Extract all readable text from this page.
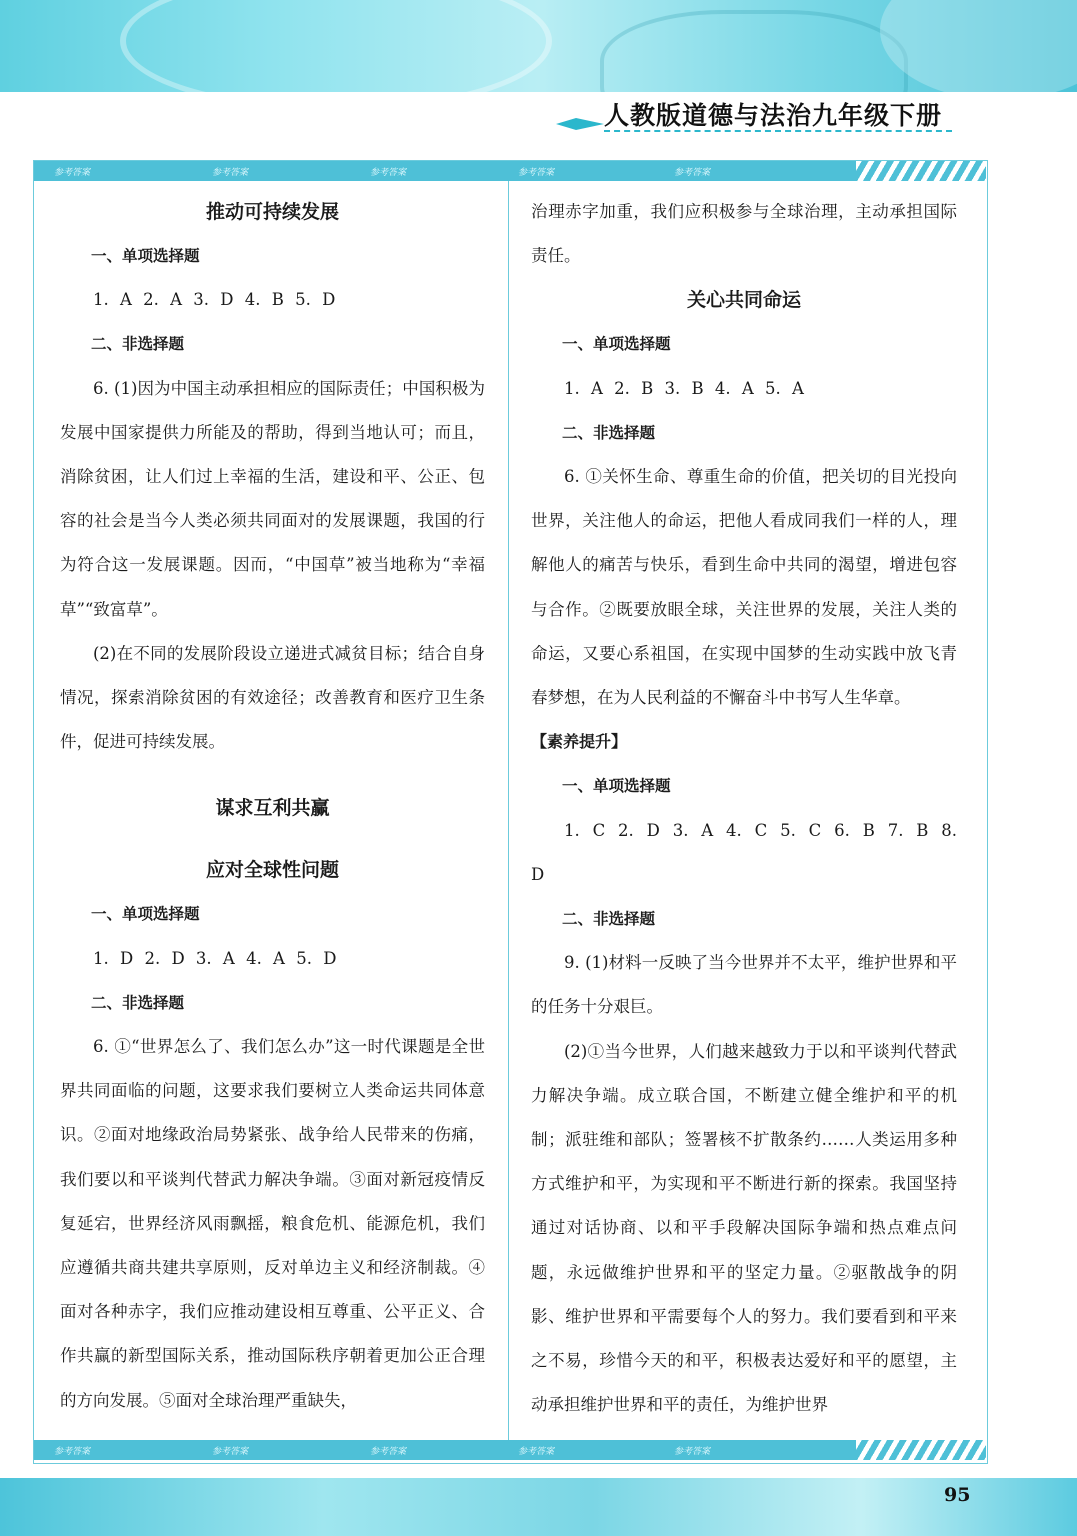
人教版道德与法治九年级下册
参考答案	参考答案	参考答案	参考答案	参考答案

推动可持续发展

一、单项选择题

1. A 2. A 3. D 4. B 5. D

二、非选择题

6. (1)因为中国主动承担相应的国际责任；中国积极为发展中国家提供力所能及的帮助，得到当地认可；而且，消除贫困，让人们过上幸福的生活，建设和平、公正、包容的社会是当今人类必须共同面对的发展课题，我国的行为符合这一发展课题。因而，“中国草”被当地称为“幸福草”“致富草”。

(2)在不同的发展阶段设立递进式减贫目标；结合自身情况，探索消除贫困的有效途径；改善教育和医疗卫生条件，促进可持续发展。

谋求互利共赢

应对全球性问题

一、单项选择题

1. D 2. D 3. A 4. A 5. D

二、非选择题

6. ①“世界怎么了、我们怎么办”这一时代课题是全世界共同面临的问题，这要求我们要树立人类命运共同体意识。②面对地缘政治局势紧张、战争给人民带来的伤痛，我们要以和平谈判代替武力解决争端。③面对新冠疫情反复延宕，世界经济风雨飘摇，粮食危机、能源危机，我们应遵循共商共建共享原则，反对单边主义和经济制裁。④面对各种赤字，我们应推动建设相互尊重、公平正义、合作共赢的新型国际关系，推动国际秩序朝着更加公正合理的方向发展。⑤面对全球治理严重缺失，

治理赤字加重，我们应积极参与全球治理，主动承担国际责任。

关心共同命运

一、单项选择题

1. A 2. B 3. B 4. A 5. A

二、非选择题

6. ①关怀生命、尊重生命的价值，把关切的目光投向世界，关注他人的命运，把他人看成同我们一样的人，理解他人的痛苦与快乐，看到生命中共同的渴望，增进包容与合作。②既要放眼全球，关注世界的发展，关注人类的命运，又要心系祖国，在实现中国梦的生动实践中放飞青春梦想，在为人民利益的不懈奋斗中书写人生华章。

【素养提升】

一、单项选择题

1. C 2. D 3. A 4. C 5. C 6. B 7. B 8. D

二、非选择题

9. (1)材料一反映了当今世界并不太平，维护世界和平的任务十分艰巨。

(2)①当今世界，人们越来越致力于以和平谈判代替武力解决争端。成立联合国，不断建立健全维护和平的机制；派驻维和部队；签署核不扩散条约……人类运用多种方式维护和平，为实现和平不断进行新的探索。我国坚持通过对话协商、以和平手段解决国际争端和热点难点问题，永远做维护世界和平的坚定力量。②驱散战争的阴影、维护世界和平需要每个人的努力。我们要看到和平来之不易，珍惜今天的和平，积极表达爱好和平的愿望，主动承担维护世界和平的责任，为维护世界

参考答案	参考答案	参考答案	参考答案	参考答案
95
